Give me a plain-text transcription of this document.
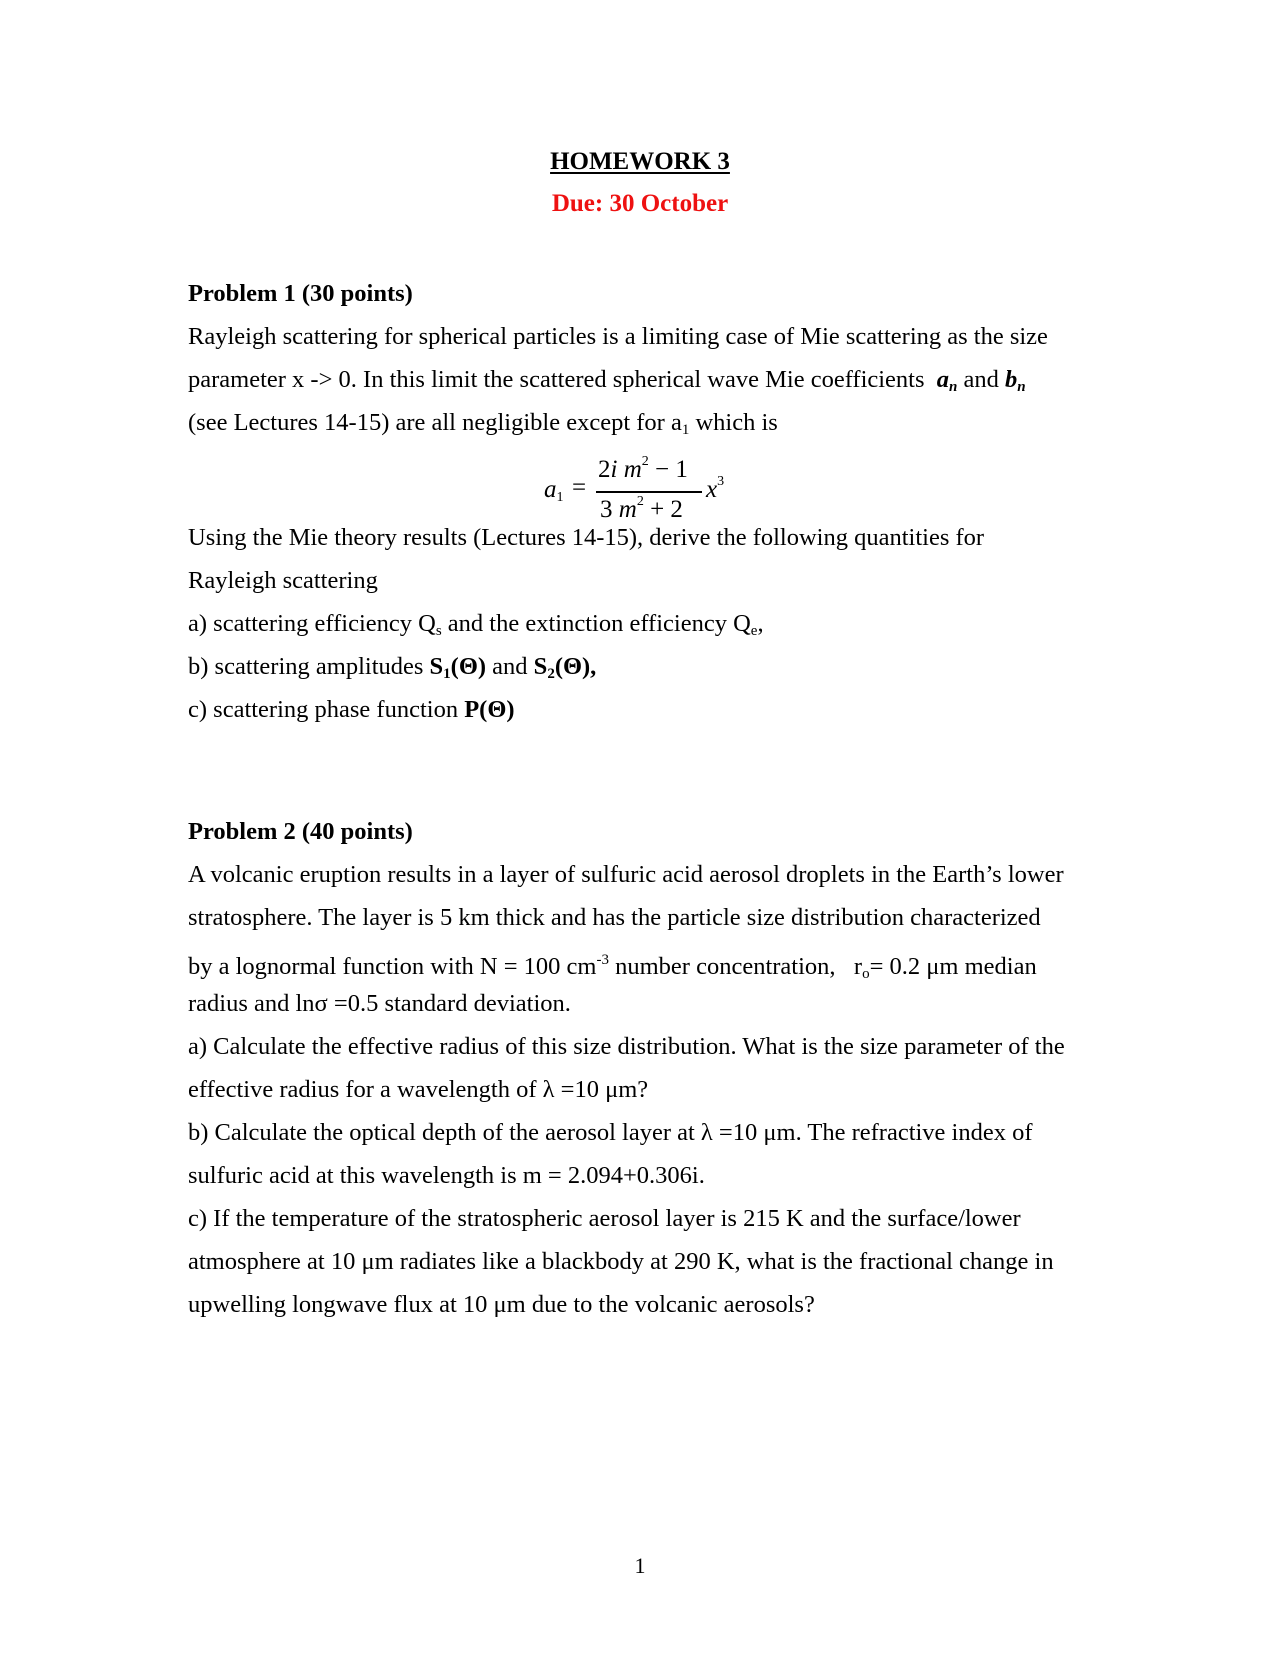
HOMEWORK 3
Due: 30 October
Problem 1 (30 points)
Rayleigh scattering for spherical particles is a limiting case of Mie scattering as the size
parameter x -> 0. In this limit the scattered spherical wave Mie coefficients $a_n$ and $b_n$
(see Lectures 14-15) are all negligible except for $a_1$ which is
$a_1$ =
2i $m^2 - 1$
3 $m^2 + 2$
$x^3$
Using the Mie theory results (Lectures 14-15), derive the following quantities for
Rayleigh scattering
a) scattering efficiency $Q_s$ and the extinction efficiency $Q_e$,
b) scattering amplitudes $S_1(\Theta)$ and $S_2(\Theta)$,
c) scattering phase function P(Θ)
Problem 2 (40 points)
A volcanic eruption results in a layer of sulfuric acid aerosol droplets in the Earth’s lower
stratosphere. The layer is 5 km thick and has the particle size distribution characterized
by a lognormal function with N = 100 $cm^{-3}$ number concentration, $r_o= 0.2$ μm median
radius and lnσ =0.5 standard deviation.
a) Calculate the effective radius of this size distribution. What is the size parameter of the
effective radius for a wavelength of λ =10 μm?
b) Calculate the optical depth of the aerosol layer at λ =10 μm. The refractive index of
sulfuric acid at this wavelength is m = 2.094+0.306i.
c) If the temperature of the stratospheric aerosol layer is 215 K and the surface/lower
atmosphere at 10 μm radiates like a blackbody at 290 K, what is the fractional change in
upwelling longwave flux at 10 μm due to the volcanic aerosols?
1
